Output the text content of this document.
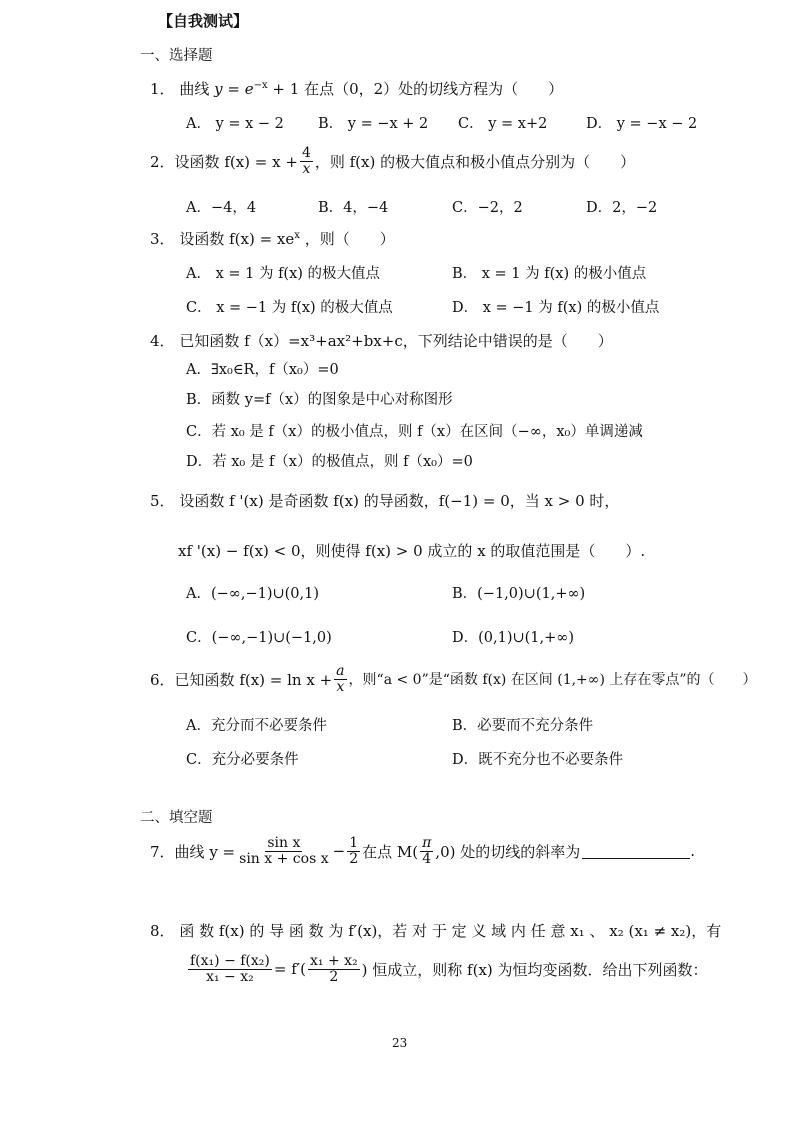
【自我测试】
一、选择题
1． 曲线 $y = e^{-x} + 1$ 在点（0，2）处的切线方程为（　　）
A． y = x − 2 B． y = −x + 2 C． y = x+2	D． y = −x − 2
2． 设函数 $f(x) = x + \frac{4}{x}$ ，则 f(x) 的极大值点和极小值点分别为（　　）
A．−4，4	B．4，−4	C．−2，2	D．2，−2
3． 设函数 $f(x) = xe^x$ ，则（　　）
A． x = 1 为 f(x) 的极大值点	B． x = 1 为 f(x) 的极小值点
C． x = −1 为 f(x) 的极大值点	D． x = −1 为 f(x) 的极小值点
4． 已知函数 f（x）=x³+ax²+bx+c，下列结论中错误的是（　　）
A．∃x₀∈R，f（x₀）=0
B．函数 y=f（x）的图象是中心对称图形
C．若 x₀ 是 f（x）的极小值点，则 f（x）在区间（−∞，x₀）单调递减
D．若 x₀ 是 f（x）的极值点，则 f（x₀）=0
5． 设函数 f '(x) 是奇函数 f(x) 的导函数，f(−1) = 0，当 x > 0 时，
xf '(x) − f(x) < 0，则使得 f(x) > 0 成立的 x 的取值范围是（　　）.
A．(−∞,−1)∪(0,1)	B．(−1,0)∪(1,+∞)
C．(−∞,−1)∪(−1,0)	D．(0,1)∪(1,+∞)
6． 已知函数 $f(x) = \ln x + \frac{a}{x}$ ，则“a < 0”是“函数 f(x) 在区间 (1,+∞) 上存在零点”的（　　）
A．充分而不必要条件	B．必要而不充分条件
C．充分必要条件	D．既不充分也不必要条件
二、填空题
7． 曲线 $y = \frac{\text{sin x}}{\text{sin x + cos x}} - \frac{1}{2}$ 在点 $M( \frac{\pi}{4} ,0)$ 处的切线的斜率为	.
8． 函 数 f(x) 的 导 函 数 为 f′(x)，若 对 于 定 义 域 内 任 意 x₁ 、 x₂ (x₁ ≠ x₂)，有
$\frac{\text{f(x₁) − f(x₂)}}{\text{x₁ − x₂}} = f'( \frac{\text{x₁ + x₂}}{2}$ ) 恒成立，则称 f(x) 为恒均变函数．给出下列函数：
23
